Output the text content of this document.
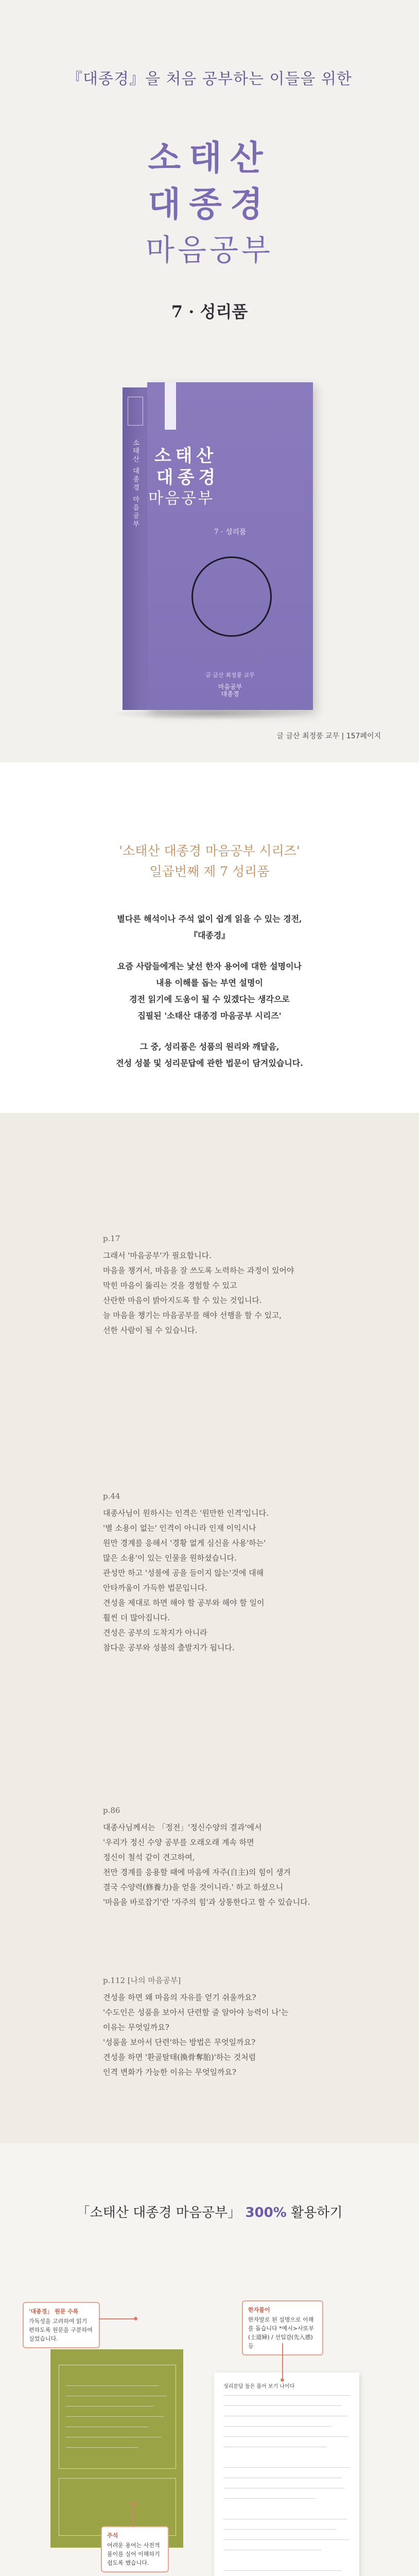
『대종경』을 처음 공부하는 이들을 위한
소태산
대종경
마음공부
7 · 성리품
소태산 대종경 마음공부 소태산
대종경
마음공부
7 · 성리품
글 글산 최정풍 교무
마음공부
대종경
글 글산 최정풍 교무 | 157페이지
'소태산 대종경 마음공부 시리즈'
일곱번째 제 7 성리품

별다른 해석이나 주석 없이 쉽게 읽을 수 있는 경전,
『대종경』

요즘 사람들에게는 낯선 한자 용어에 대한 설명이나
내용 이해를 돕는 부연 설명이
경전 읽기에 도움이 될 수 있겠다는 생각으로
집필된 '소태산 대종경 마음공부 시리즈'

그 중, 성리품은 성품의 원리와 깨달음,
견성 성불 및 성리문답에 관한 법문이 담겨있습니다.

p.17
그래서 '마음공부'가 필요합니다.
마음을 챙겨서, 마음을 잘 쓰도록 노력하는 과정이 있어야
막힌 마음이 뚫리는 것을 경험할 수 있고
산란한 마음이 밝아지도록 할 수 있는 것입니다.
늘 마음을 챙기는 마음공부를 해야 선행을 할 수 있고,
선한 사람이 될 수 있습니다.
p.44
대종사님이 원하시는 인격은 '원만한 인격'입니다.
'별 소용이 없는' 인격이 아니라 인재 이익시나
원만 경계를 응해서 '경황 없게 심신을 사용'하는'
많은 소용'이 있는 인물을 원하셨습니다.
관성만 하고 '성불에 공을 들이지 않는'것에 대해
안타까움이 가득한 법문입니다.
견성을 제대로 하면 해야 할 공부와 해야 할 일이
훨씬 더 많아집니다.
견성은 공부의 도착지가 아니라
참다운 공부와 성불의 출발지가 됩니다.
p.86
대종사님께서는 「정전」'정신수양의 결과'에서
'우리가 정신 수양 공부를 오래오래 계속 하면
정신이 철석 같이 견고하여,
천만 경계를 응용할 때에 마음에 자주(自主)의 힘이 생겨
결국 수양력(修養力)을 얻을 것이니라.' 하고 하셨으니
'마음을 바로잡기'란 '자주의 힘'과 상통한다고 할 수 있습니다.
p.112 [나의 마음공부]
견성을 하면 왜 마음의 자유를 얻기 쉬울까요?
'수도인은 성품을 보아서 단련할 줄 알아야 능력이 나'는
이유는 무엇일까요?
'성품을 보아서 단련'하는 방법은 무엇일까요?
견성을 하면 '환골탈태(換骨奪胎)'하는 것처럼
인격 변화가 가능한 이유는 무엇일까요?
「소태산 대종경 마음공부」 300% 활용하기
성리문답 둘은 풀어 보기 나이다
'대종경」 원문 수록
가독성을 고려하여 읽기 편하도록 원문을 구분하여 실었습니다.
한자풀이
한자말로 된 설명으로 이해를 돕습니다 *예시>사또부(士道婦) / 선입감(先入感) 등
주석
어려운 용어는 사전적 풀이를 실어 이해하기 쉽도록 했습니다.
